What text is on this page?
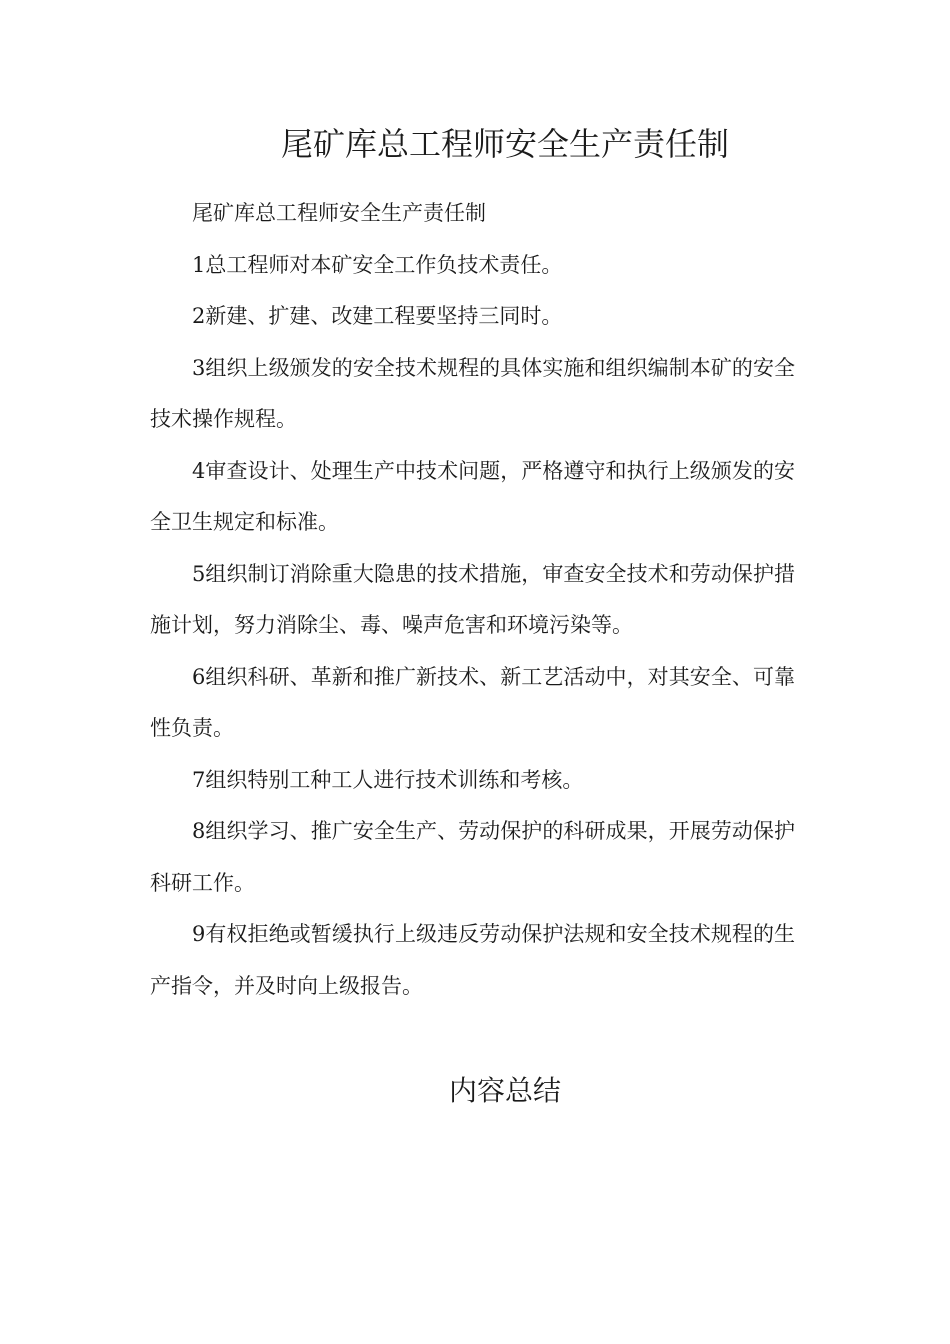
尾矿库总工程师安全生产责任制

尾矿库总工程师安全生产责任制

1总工程师对本矿安全工作负技术责任。

2新建、扩建、改建工程要坚持三同时。

3组织上级颁发的安全技术规程的具体实施和组织编制本矿的安全技术操作规程。

4审查设计、处理生产中技术问题，严格遵守和执行上级颁发的安全卫生规定和标准。

5组织制订消除重大隐患的技术措施，审查安全技术和劳动保护措施计划，努力消除尘、毒、噪声危害和环境污染等。

6组织科研、革新和推广新技术、新工艺活动中，对其安全、可靠性负责。

7组织特别工种工人进行技术训练和考核。

8组织学习、推广安全生产、劳动保护的科研成果，开展劳动保护科研工作。

9有权拒绝或暂缓执行上级违反劳动保护法规和安全技术规程的生产指令，并及时向上级报告。

内容总结
